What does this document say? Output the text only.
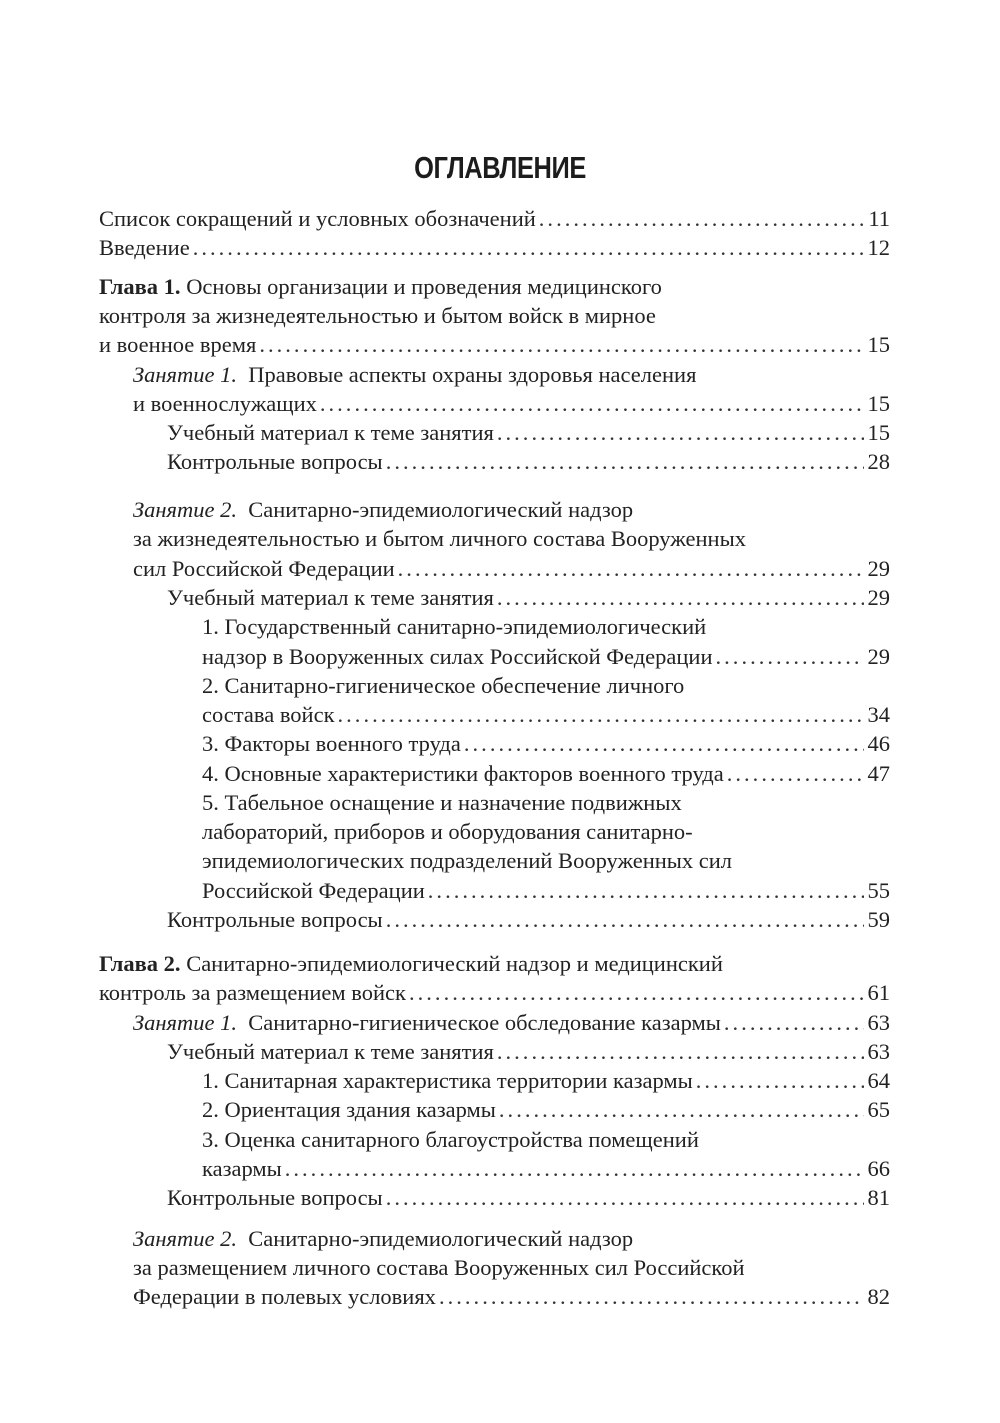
ОГЛАВЛЕНИЕ
Список сокращений и условных обозначений . . .	11
Введение . . .	12
Глава 1.
Основы организации и проведения медицинского
контроля за жизнедеятельностью и бытом войск в мирное
и военное время . . .	15
Занятие 1.
Правовые аспекты охраны здоровья населения
и военнослужащих . . .	15
Учебный материал к теме занятия . . .	15
Контрольные вопросы . . .	28
Занятие 2.
Санитарно-эпидемиологический надзор
за жизнедеятельностью и бытом личного состава Вооруженных
сил Российской Федерации . . .	29
Учебный материал к теме занятия . . .	29
1. Государственный санитарно-эпидемиологический
надзор в Вооруженных силах Российской Федерации . . .	29
2. Санитарно-гигиеническое обеспечение личного
состава войск . . .	34
3. Факторы военного труда . . .	46
4. Основные характеристики факторов военного труда . . .	47
5. Табельное оснащение и назначение подвижных
лабораторий, приборов и оборудования санитарно-
эпидемиологических подразделений Вооруженных сил
Российской Федерации . . .	55
Контрольные вопросы . . .	59
Глава 2.
Санитарно-эпидемиологический надзор и медицинский
контроль за размещением войск . . .	61
Занятие 1.
Санитарно-гигиеническое обследование казармы . . .	63
Учебный материал к теме занятия . . .	63
1. Санитарная характеристика территории казармы . . .	64
2. Ориентация здания казармы . . .	65
3. Оценка санитарного благоустройства помещений
казармы . . .	66
Контрольные вопросы . . .	81
Занятие 2.
Санитарно-эпидемиологический надзор
за размещением личного состава Вооруженных сил Российской
Федерации в полевых условиях . . .	82
